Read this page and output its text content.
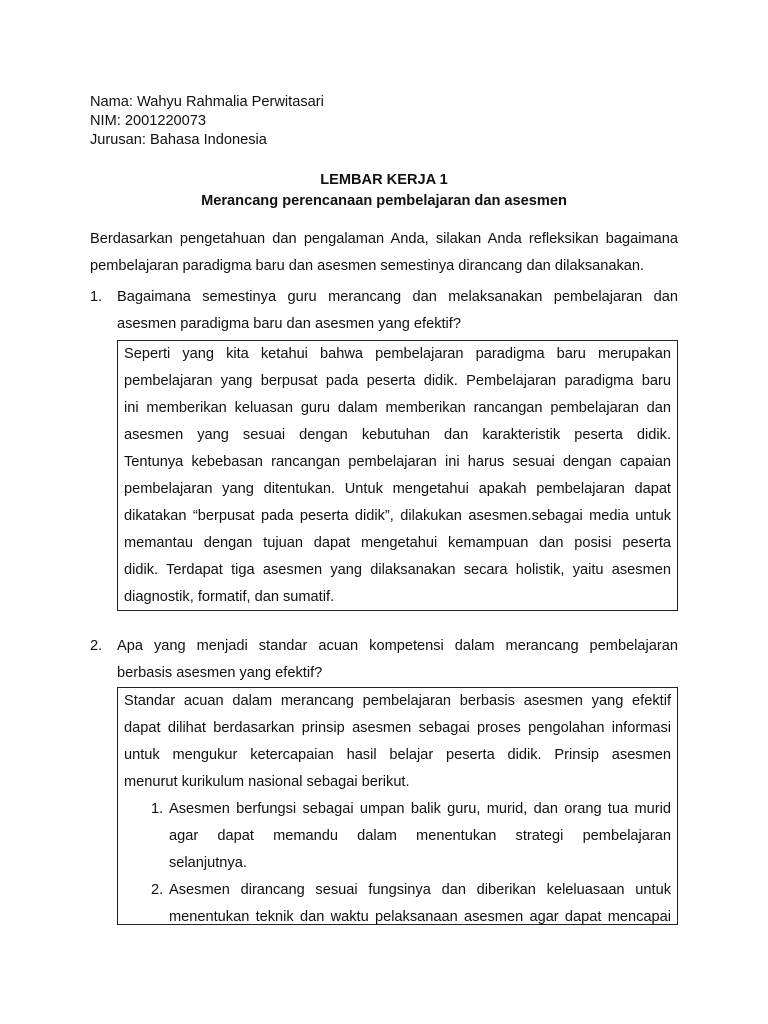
Nama: Wahyu Rahmalia Perwitasari
NIM: 2001220073
Jurusan: Bahasa Indonesia
LEMBAR KERJA 1
Merancang perencanaan pembelajaran dan asesmen
Berdasarkan pengetahuan dan pengalaman Anda, silakan Anda refleksikan bagaimana
pembelajaran paradigma baru dan asesmen semestinya dirancang dan dilaksanakan.
1. Bagaimana semestinya guru merancang dan melaksanakan pembelajaran dan
asesmen paradigma baru dan asesmen yang efektif?
Seperti yang kita ketahui bahwa pembelajaran paradigma baru merupakan
pembelajaran yang berpusat pada peserta didik. Pembelajaran paradigma baru
ini memberikan keluasan guru dalam memberikan rancangan pembelajaran dan
asesmen yang sesuai dengan kebutuhan dan karakteristik peserta didik.
Tentunya kebebasan rancangan pembelajaran ini harus sesuai dengan capaian
pembelajaran yang ditentukan. Untuk mengetahui apakah pembelajaran dapat
dikatakan “berpusat pada peserta didik”, dilakukan asesmen.sebagai media untuk
memantau dengan tujuan dapat mengetahui kemampuan dan posisi peserta
didik. Terdapat tiga asesmen yang dilaksanakan secara holistik, yaitu asesmen
diagnostik, formatif, dan sumatif.
2. Apa yang menjadi standar acuan kompetensi dalam merancang pembelajaran
berbasis asesmen yang efektif?
Standar acuan dalam merancang pembelajaran berbasis asesmen yang efektif
dapat dilihat berdasarkan prinsip asesmen sebagai proses pengolahan informasi
untuk mengukur ketercapaian hasil belajar peserta didik. Prinsip asesmen
menurut kurikulum nasional sebagai berikut.
1. Asesmen berfungsi sebagai umpan balik guru, murid, dan orang tua murid
agar dapat memandu dalam menentukan strategi pembelajaran
selanjutnya.
2. Asesmen dirancang sesuai fungsinya dan diberikan keleluasaan untuk
menentukan teknik dan waktu pelaksanaan asesmen agar dapat mencapai
